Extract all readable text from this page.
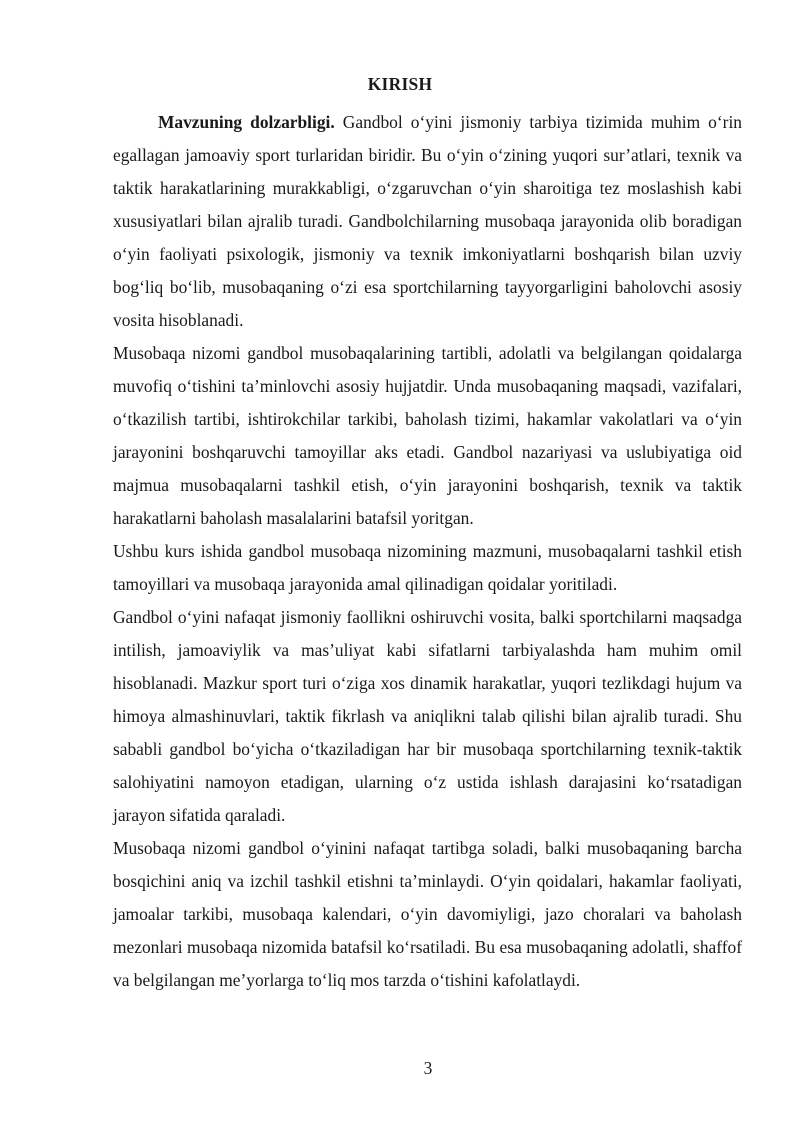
KIRISH

Mavzuning dolzarbligi. Gandbol o‘yini jismoniy tarbiya tizimida muhim o‘rin egallagan jamoaviy sport turlaridan biridir. Bu o‘yin o‘zining yuqori sur’atlari, texnik va taktik harakatlarining murakkabligi, o‘zgaruvchan o‘yin sharoitiga tez moslashish kabi xususiyatlari bilan ajralib turadi. Gandbolchilarning musobaqa jarayonida olib boradigan o‘yin faoliyati psixologik, jismoniy va texnik imkoniyatlarni boshqarish bilan uzviy bog‘liq bo‘lib, musobaqaning o‘zi esa sportchilarning tayyorgarligini baholovchi asosiy vosita hisoblanadi.

Musobaqa nizomi gandbol musobaqalarining tartibli, adolatli va belgilangan qoidalarga muvofiq o‘tishini ta’minlovchi asosiy hujjatdir. Unda musobaqaning maqsadi, vazifalari, o‘tkazilish tartibi, ishtirokchilar tarkibi, baholash tizimi, hakamlar vakolatlari va o‘yin jarayonini boshqaruvchi tamoyillar aks etadi. Gandbol nazariyasi va uslubiyatiga oid majmua musobaqalarni tashkil etish, o‘yin jarayonini boshqarish, texnik va taktik harakatlarni baholash masalalarini batafsil yoritgan.

Ushbu kurs ishida gandbol musobaqa nizomining mazmuni, musobaqalarni tashkil etish tamoyillari va musobaqa jarayonida amal qilinadigan qoidalar yoritiladi.

Gandbol o‘yini nafaqat jismoniy faollikni oshiruvchi vosita, balki sportchilarni maqsadga intilish, jamoaviylik va mas’uliyat kabi sifatlarni tarbiyalashda ham muhim omil hisoblanadi. Mazkur sport turi o‘ziga xos dinamik harakatlar, yuqori tezlikdagi hujum va himoya almashinuvlari, taktik fikrlash va aniqlikni talab qilishi bilan ajralib turadi. Shu sababli gandbol bo‘yicha o‘tkaziladigan har bir musobaqa sportchilarning texnik-taktik salohiyatini namoyon etadigan, ularning o‘z ustida ishlash darajasini ko‘rsatadigan jarayon sifatida qaraladi.

Musobaqa nizomi gandbol o‘yinini nafaqat tartibga soladi, balki musobaqaning barcha bosqichini aniq va izchil tashkil etishni ta’minlaydi. O‘yin qoidalari, hakamlar faoliyati, jamoalar tarkibi, musobaqa kalendari, o‘yin davomiyligi, jazo choralari va baholash mezonlari musobaqa nizomida batafsil ko‘rsatiladi. Bu esa musobaqaning adolatli, shaffof va belgilangan me’yorlarga to‘liq mos tarzda o‘tishini kafolatlaydi.

3
